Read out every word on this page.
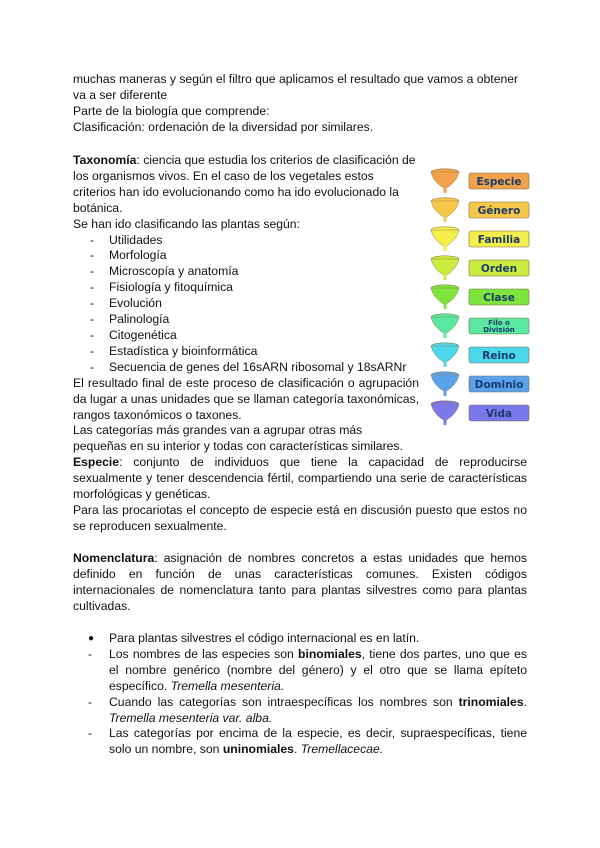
muchas maneras y según el filtro que aplicamos el resultado que vamos a obtener va a ser diferente

Parte de la biología que comprende:

Clasificación: ordenación de la diversidad por similares.

Taxonomía: ciencia que estudia los criterios de clasificación de los organismos vivos. En el caso de los vegetales estos criterios han ido evolucionando como ha ido evolucionado la botánica.

Se han ido clasificando las plantas según:

- Utilidades
- Morfología
- Microscopía y anatomía
- Fisiología y fitoquímica
- Evolución
- Palinología
- Citogenética
- Estadística y bioinformática
- Secuencia de genes del 16sARN ribosomal y 18sARNr

El resultado final de este proceso de clasificación o agrupación da lugar a unas unidades que se llaman categoría taxonómicas, rangos taxonómicos o taxones.

Las categorías más grandes van a agrupar otras más pequeñas en su interior y todas con características similares.

Especie
Género
Familia
Orden
Clase
Filo o
División
Reino
Dominio
Vida

Especie: conjunto de individuos que tiene la capacidad de reproducirse sexualmente y tener descendencia fértil, compartiendo una serie de características morfológicas y genéticas.

Para las procariotas el concepto de especie está en discusión puesto que estos no se reproducen sexualmente.

Nomenclatura: asignación de nombres concretos a estas unidades que hemos definido en función de unas características comunes. Existen códigos internacionales de nomenclatura tanto para plantas silvestres como para plantas cultivadas.

● Para plantas silvestres el código internacional es en latín.
- Los nombres de las especies son binomiales, tiene dos partes, uno que es el nombre genérico (nombre del género) y el otro que se llama epíteto específico. Tremella mesenteria.
- Cuando las categorías son intraespecíficas los nombres son trinomiales. Tremella mesenteria var. alba.
- Las categorías por encima de la especie, es decir, supraespecíficas, tiene solo un nombre, son uninomiales. Tremellacecae.
